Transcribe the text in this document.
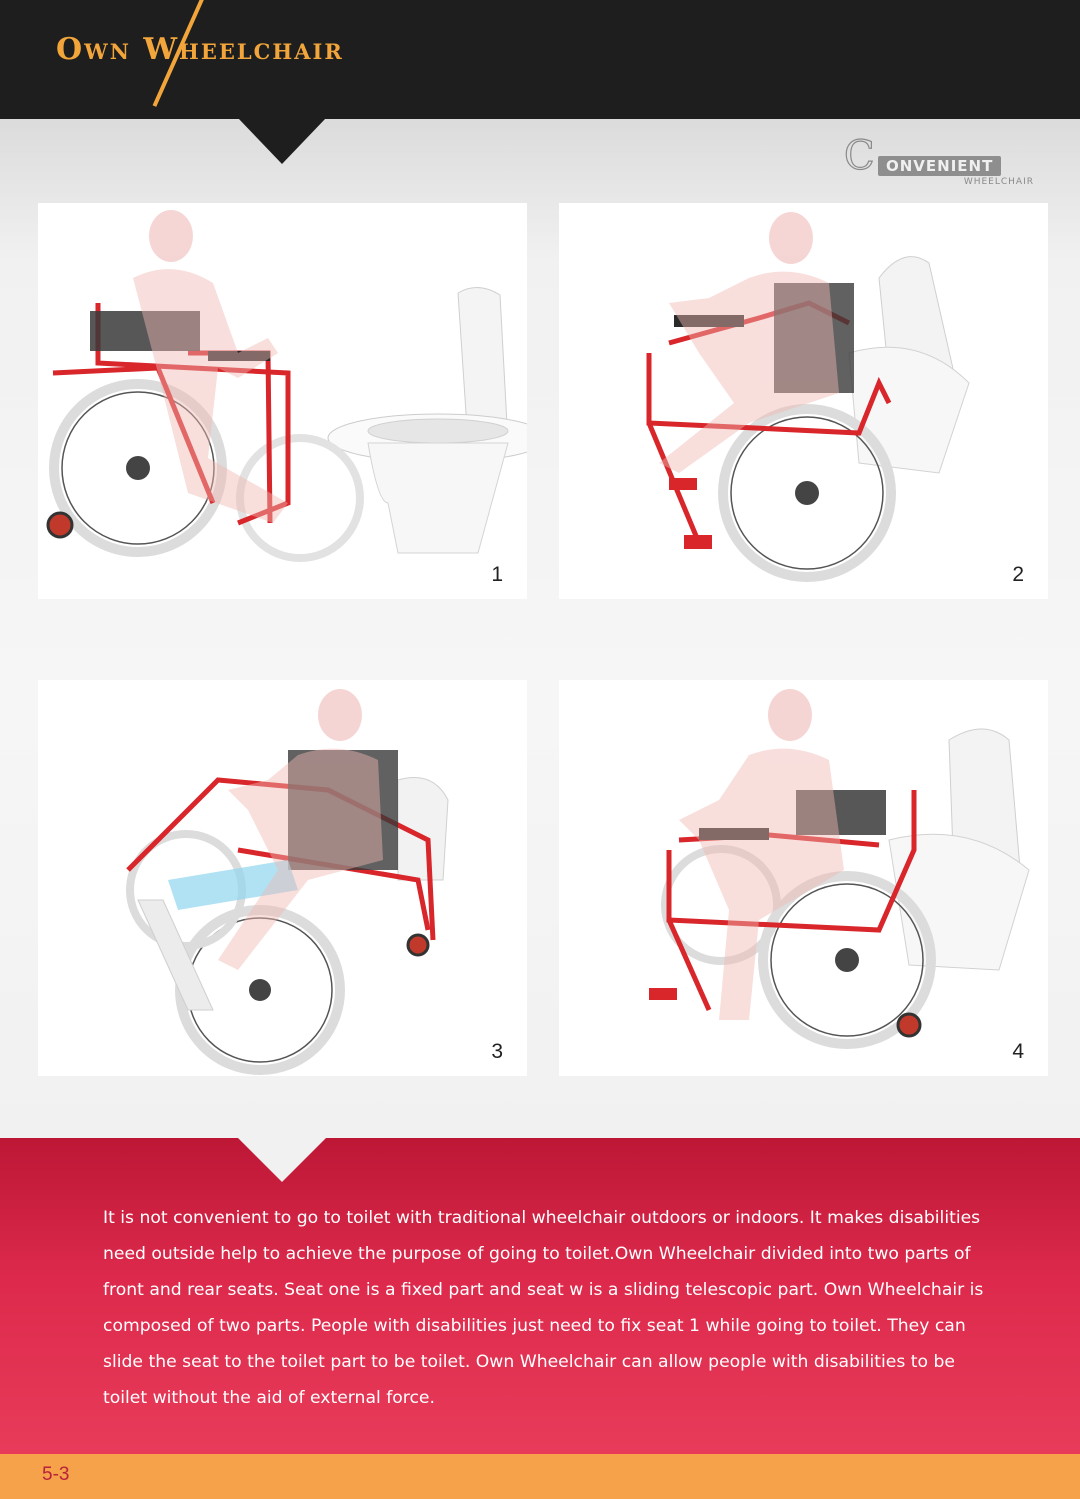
Own Wheelchair
C ONVENIENT
WHEELCHAIR
1	2
3	4

It is not convenient to go to toilet with traditional wheelchair outdoors or indoors. It makes disabilities need outside help to achieve the purpose of going to toilet.Own Wheelchair divided into two parts of front and rear seats. Seat one is a fixed part and seat w is a sliding telescopic part. Own Wheelchair is composed of two parts. People with disabilities just need to fix seat 1 while going to toilet. They can slide the seat to the toilet part to be toilet. Own Wheelchair can allow people with disabilities to be toilet without the aid of external force.

5-3
